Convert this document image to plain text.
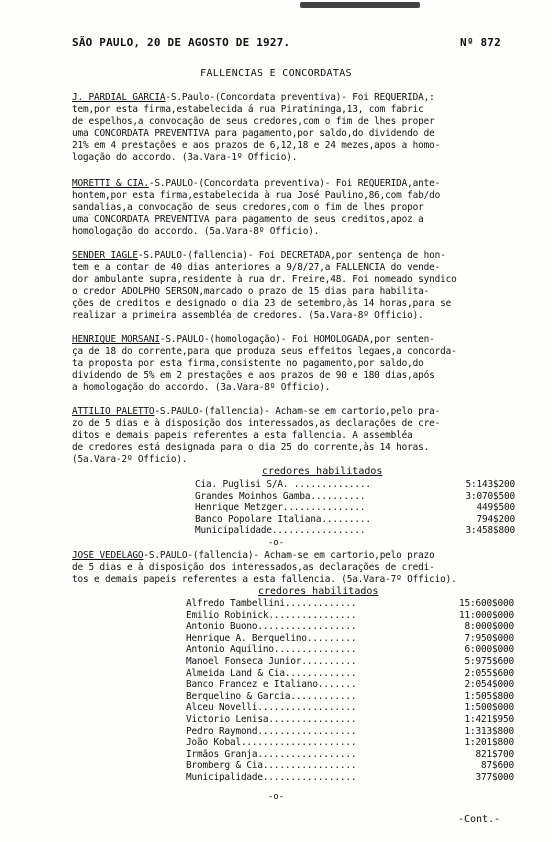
SÃO PAULO, 20 DE AGOSTO DE 1927.	Nº 872
FALLENCIAS E CONCORDATAS
J. PARDIAL GARCIA-S.Paulo-(Concordata preventiva)- Foi REQUERIDA,:
tem,por esta firma,estabelecida á rua Piratininga,13, com fabric
de espelhos,a convocação de seus credores,com o fim de lhes proper
uma CONCORDATA PREVENTIVA para pagamento,por saldo,do dividendo de
21% em 4 prestações e aos prazos de 6,12,18 e 24 mezes,apos a homo-
logação do accordo. (3a.Vara-1º Officio).
MORETTI & CIA.-S.PAULO-(Concordata preventiva)- Foi REQUERIDA,ante-
hontem,por esta firma,estabelecida à rua José Paulino,86,com fab/do
sandalias,a convocação de seus credores,com o fim de lhes propor
uma CONCORDATA PREVENTIVA para pagamento de seus creditos,apoz a
homologação do accordo. (5a.Vara-8º Officio).
SENDER IAGLE-S.PAULO-(fallencia)- Foi DECRETADA,por sentença de hon-
tem e a contar de 40 dias anteriores a 9/8/27,a FALLENCIA do vende-
dor ambulante supra,residente à rua dr. Freire,48. Foi nomeado syndico
o credor ADOLPHO SERSON,marcado o prazo de 15 dias para habilita-
ções de creditos e designado o dia 23 de setembro,às 14 horas,para se
realizar a primeira assembléa de credores. (5a.Vara-8º Officio).
HENRIQUE MORSANI-S.PAULO-(homologação)- Foi HOMOLOGADA,por senten-
ça de 18 do corrente,para que produza seus effeitos legaes,a concorda-
ta proposta por esta firma,consistente no pagamento,por saldo,do
dividendo de 5% em 2 prestações e aos prazos de 90 e 180 dias,após
a homologação do accordo. (3a.Vara-8º Officio).
ATTILIO PALETTO-S.PAULO-(fallencia)- Acham-se em cartorio,pelo pra-
zo de 5 dias e à disposição dos interessados,as declarações de cre-
ditos e demais papeis referentes a esta fallencia. A assembléa
de credores está designada para o dia 25 do corrente,às 14 horas.
(5a.Vara-2º Officio).
credores habilitados
Cia. Puglisi S/A. ..............	5:143$200
Grandes Moinhos Gamba..........	3:070$500
Henrique Metzger...............	449$500
Banco Popolare Italiana.........	794$200
Municipalidade.................	3:458$800
-o-
JOSÉ VEDELAGO-S.PAULO-(fallencia)- Acham-se em cartorio,pelo prazo
de 5 dias e à disposição dos interessados,as declarações de credi-
tos e demais papeis referentes a esta fallencia. (5a.Vara-7º Officio).
credores habilitados
Alfredo Tambellini.............	15:600$000
Emilio Robinick................	11:000$000
Antonio Buono..................	8:000$000
Henrique A. Berquelino.........	7:950$000
Antonio Aquilino...............	6:000$000
Manoel Fonseca Junior..........	5:975$600
Almeida Land & Cia.............	2:055$600
Banco Francez e Italiano.......	2:054$000
Berquelino & Garcia............	1:505$800
Alceu Novelli..................	1:500$000
Victorio Lenisa................	1:421$950
Pedro Raymond..................	1:313$800
João Kobal.....................	1:201$800
Irmãos Granja..................	821$700
Bromberg & Cia.................	87$600
Municipalidade.................	377$000
-o-
-Cont.-
